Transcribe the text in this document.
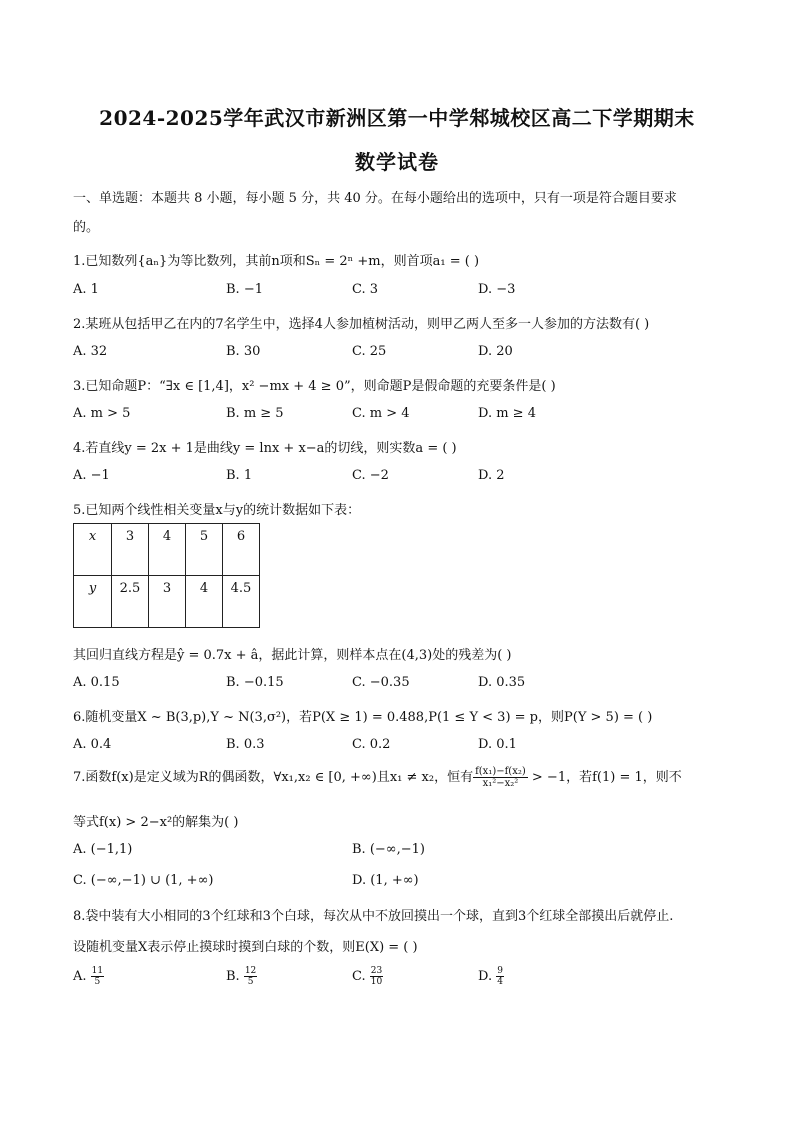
2024-2025学年武汉市新洲区第一中学邾城校区高二下学期期末
数学试卷
一、单选题：本题共 8 小题，每小题 5 分，共 40 分。在每小题给出的选项中，只有一项是符合题目要求
的。
1.已知数列{aₙ}为等比数列，其前n项和Sₙ = 2ⁿ +m，则首项a₁ = ( )
A. 1	B. −1	C. 3	D. −3
2.某班从包括甲乙在内的7名学生中，选择4人参加植树活动，则甲乙两人至多一人参加的方法数有( )
A. 32	B. 30	C. 25	D. 20
3.已知命题P：“∃x ∈ [1,4]，x² −mx + 4 ≥ 0”，则命题P是假命题的充要条件是( )
A. m > 5	B. m ≥ 5	C. m > 4	D. m ≥ 4
4.若直线y = 2x + 1是曲线y = lnx + x−a的切线，则实数a = ( )
A. −1	B. 1	C. −2	D. 2
5.已知两个线性相关变量x与y的统计数据如下表：
x	3	4	5	6
y	2.5	3	4	4.5
其回归直线方程是ŷ = 0.7x + â，据此计算，则样本点在(4,3)处的残差为( )
A. 0.15	B. −0.15	C. −0.35	D. 0.35
6.随机变量X ~ B(3,p),Y ~ N(3,σ²)，若P(X ≥ 1) = 0.488,P(1 ≤ Y < 3) = p，则P(Y > 5) = ( )
A. 0.4	B. 0.3	C. 0.2	D. 0.1
7.函数f(x)是定义域为R的偶函数，∀x₁,x₂ ∈ [0, +∞)且x₁ ≠ x₂，恒有 $\frac{\text{f(x₁)−f(x₂)}}{\text{x₁²−x₂²}} > -1$，若f(1) = 1，则不
等式f(x) > 2−x²的解集为( )
A. (−1,1)	B. (−∞,−1)
C. (−∞,−1) ∪ (1, +∞)	D. (1, +∞)
8.袋中装有大小相同的3个红球和3个白球，每次从中不放回摸出一个球，直到3个红球全部摸出后就停止.
设随机变量X表示停止摸球时摸到白球的个数，则E(X) = ( )
A. $\frac{11}{5}$	B. $\frac{12}{5}$	C. $\frac{23}{10}$	D. $\frac{9}{4}$
